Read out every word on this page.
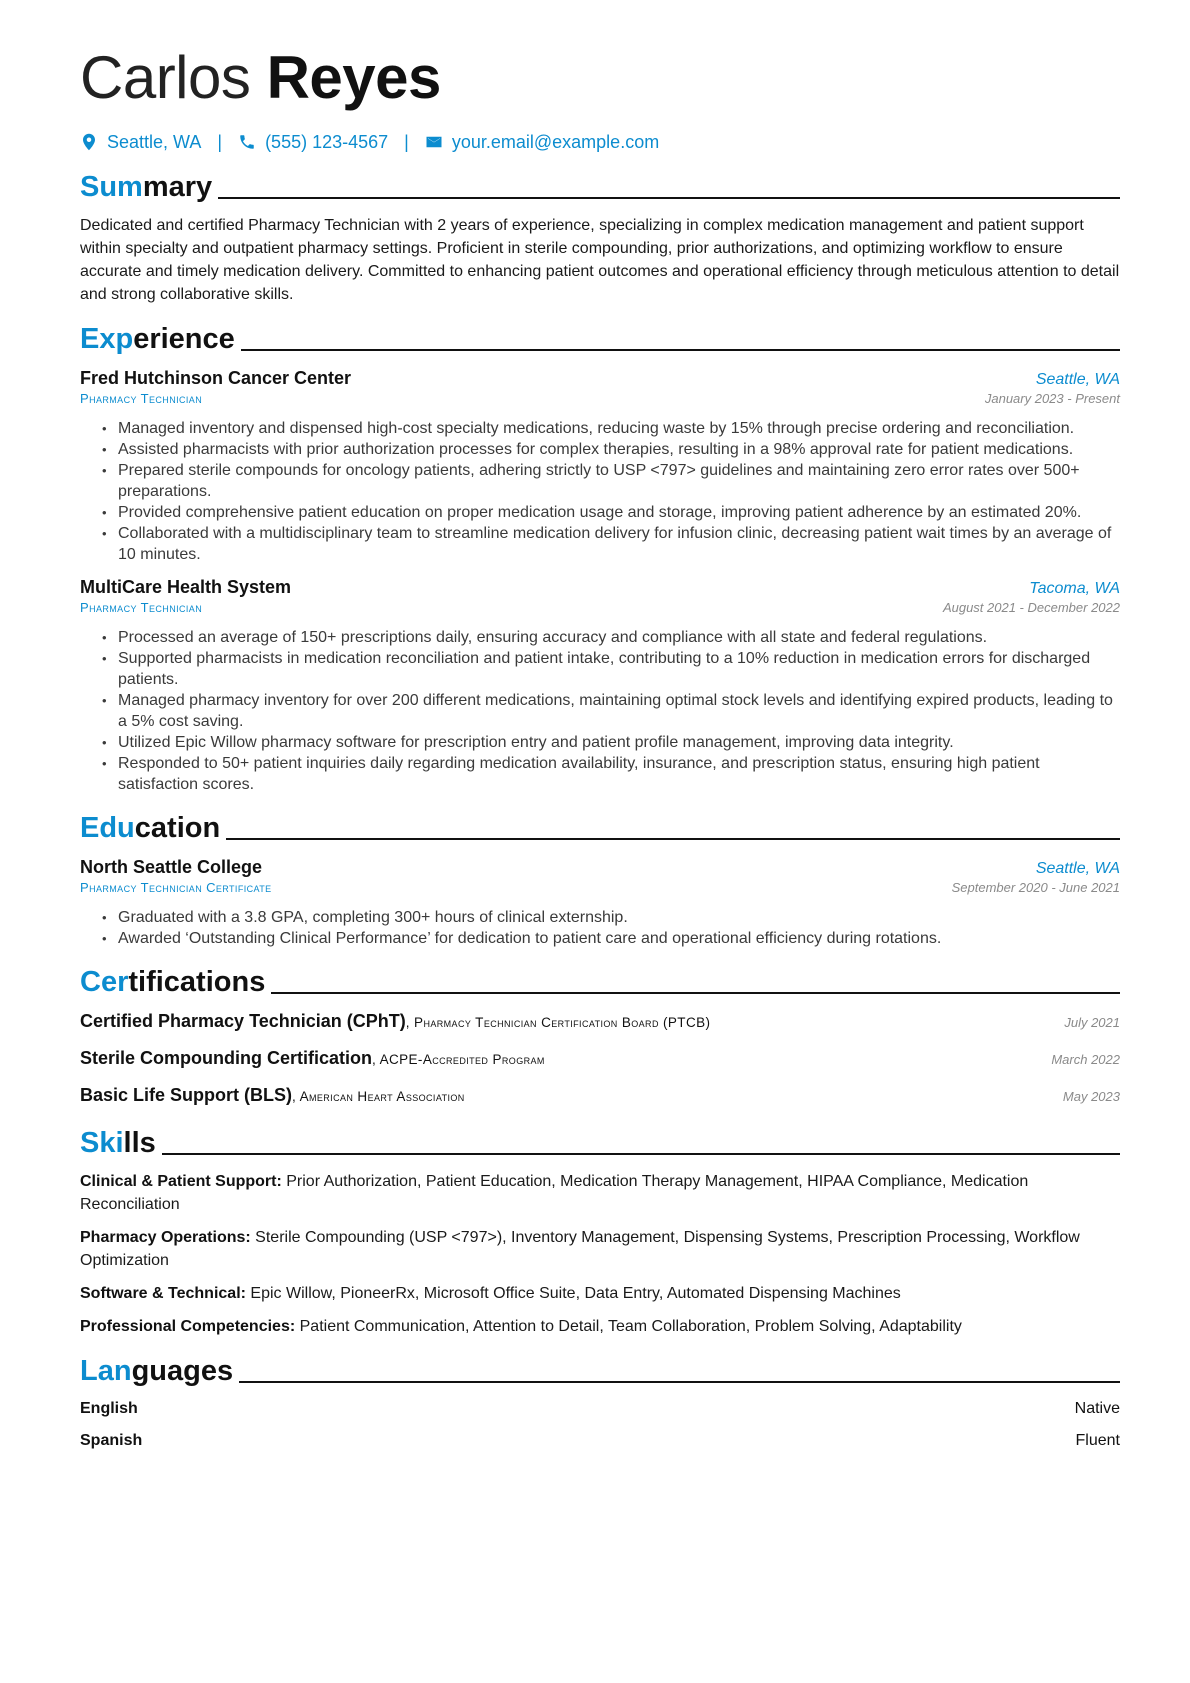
Carlos Reyes
Seattle, WA | (555) 123-4567 | your.email@example.com
Summary

Dedicated and certified Pharmacy Technician with 2 years of experience, specializing in complex medication management and patient support within specialty and outpatient pharmacy settings. Proficient in sterile compounding, prior authorizations, and optimizing workflow to ensure accurate and timely medication delivery. Committed to enhancing patient outcomes and operational efficiency through meticulous attention to detail and strong collaborative skills.

Experience
Fred Hutchinson Cancer Center	Seattle, WA
Pharmacy Technician	January 2023 - Present
• Managed inventory and dispensed high-cost specialty medications, reducing waste by 15% through precise ordering and reconciliation.
• Assisted pharmacists with prior authorization processes for complex therapies, resulting in a 98% approval rate for patient medications.
• Prepared sterile compounds for oncology patients, adhering strictly to USP <797> guidelines and maintaining zero error rates over 500+ preparations.
• Provided comprehensive patient education on proper medication usage and storage, improving patient adherence by an estimated 20%.
• Collaborated with a multidisciplinary team to streamline medication delivery for infusion clinic, decreasing patient wait times by an average of 10 minutes.
MultiCare Health System	Tacoma, WA
Pharmacy Technician	August 2021 - December 2022
• Processed an average of 150+ prescriptions daily, ensuring accuracy and compliance with all state and federal regulations.
• Supported pharmacists in medication reconciliation and patient intake, contributing to a 10% reduction in medication errors for discharged patients.
• Managed pharmacy inventory for over 200 different medications, maintaining optimal stock levels and identifying expired products, leading to a 5% cost saving.
• Utilized Epic Willow pharmacy software for prescription entry and patient profile management, improving data integrity.
• Responded to 50+ patient inquiries daily regarding medication availability, insurance, and prescription status, ensuring high patient satisfaction scores.
Education
North Seattle College	Seattle, WA
Pharmacy Technician Certificate	September 2020 - June 2021
• Graduated with a 3.8 GPA, completing 300+ hours of clinical externship.
• Awarded ‘Outstanding Clinical Performance’ for dedication to patient care and operational efficiency during rotations.
Certifications
Certified Pharmacy Technician (CPhT), Pharmacy Technician Certification Board (PTCB)	July 2021
Sterile Compounding Certification, ACPE-Accredited Program	March 2022
Basic Life Support (BLS), American Heart Association	May 2023
Skills

Clinical & Patient Support: Prior Authorization, Patient Education, Medication Therapy Management, HIPAA Compliance, Medication Reconciliation

Pharmacy Operations: Sterile Compounding (USP <797>), Inventory Management, Dispensing Systems, Prescription Processing, Workflow Optimization

Software & Technical: Epic Willow, PioneerRx, Microsoft Office Suite, Data Entry, Automated Dispensing Machines

Professional Competencies: Patient Communication, Attention to Detail, Team Collaboration, Problem Solving, Adaptability

Languages
English	Native
Spanish	Fluent
